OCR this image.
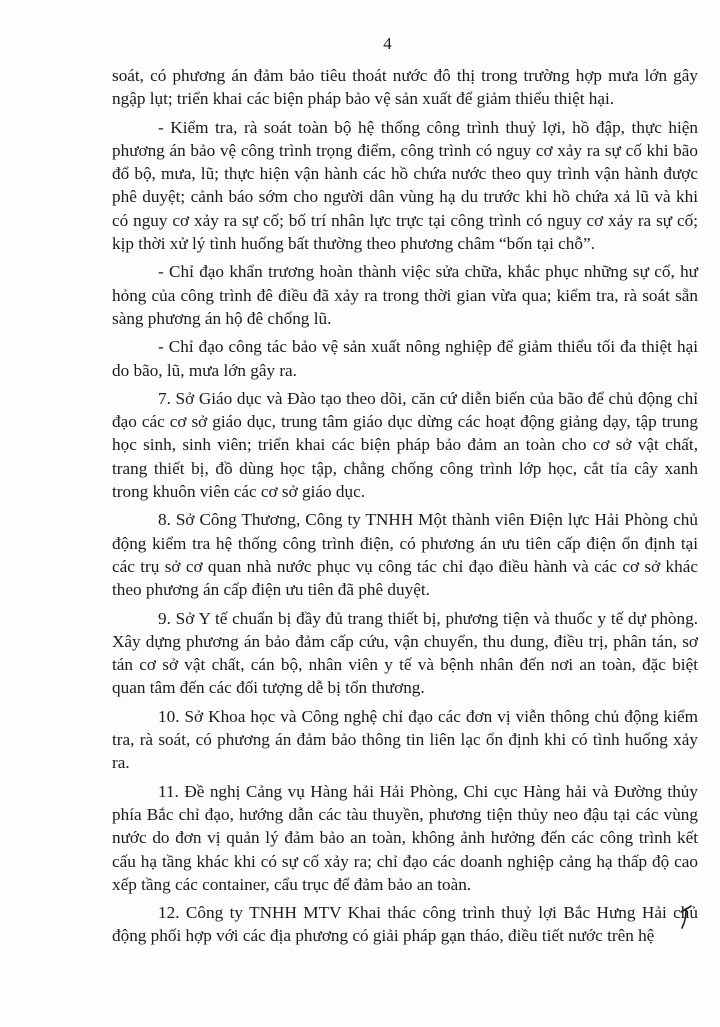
4

soát, có phương án đảm bảo tiêu thoát nước đô thị trong trường hợp mưa lớn gây ngập lụt; triển khai các biện pháp bảo vệ sản xuất để giảm thiểu thiệt hại.

- Kiểm tra, rà soát toàn bộ hệ thống công trình thuỷ lợi, hồ đập, thực hiện phương án bảo vệ công trình trọng điểm, công trình có nguy cơ xảy ra sự cố khi bão đổ bộ, mưa, lũ; thực hiện vận hành các hồ chứa nước theo quy trình vận hành được phê duyệt; cảnh báo sớm cho người dân vùng hạ du trước khi hồ chứa xả lũ và khi có nguy cơ xảy ra sự cố; bố trí nhân lực trực tại công trình có nguy cơ xảy ra sự cố; kịp thời xử lý tình huống bất thường theo phương châm “bốn tại chỗ”.

- Chỉ đạo khẩn trương hoàn thành việc sửa chữa, khắc phục những sự cố, hư hỏng của công trình đê điều đã xảy ra trong thời gian vừa qua; kiểm tra, rà soát sẵn sàng phương án hộ đê chống lũ.

- Chỉ đạo công tác bảo vệ sản xuất nông nghiệp để giảm thiểu tối đa thiệt hại do bão, lũ, mưa lớn gây ra.

7. Sở Giáo dục và Đào tạo theo dõi, căn cứ diễn biến của bão để chủ động chỉ đạo các cơ sở giáo dục, trung tâm giáo dục dừng các hoạt động giảng dạy, tập trung học sinh, sinh viên; triển khai các biện pháp bảo đảm an toàn cho cơ sở vật chất, trang thiết bị, đồ dùng học tập, chằng chống công trình lớp học, cắt tỉa cây xanh trong khuôn viên các cơ sở giáo dục.

8. Sở Công Thương, Công ty TNHH Một thành viên Điện lực Hải Phòng chủ động kiểm tra hệ thống công trình điện, có phương án ưu tiên cấp điện ổn định tại các trụ sở cơ quan nhà nước phục vụ công tác chỉ đạo điều hành và các cơ sở khác theo phương án cấp điện ưu tiên đã phê duyệt.

9. Sở Y tế chuẩn bị đầy đủ trang thiết bị, phương tiện và thuốc y tế dự phòng. Xây dựng phương án bảo đảm cấp cứu, vận chuyển, thu dung, điều trị, phân tán, sơ tán cơ sở vật chất, cán bộ, nhân viên y tế và bệnh nhân đến nơi an toàn, đặc biệt quan tâm đến các đối tượng dễ bị tổn thương.

10. Sở Khoa học và Công nghệ chỉ đạo các đơn vị viễn thông chủ động kiểm tra, rà soát, có phương án đảm bảo thông tin liên lạc ổn định khi có tình huống xảy ra.

11. Đề nghị Cảng vụ Hàng hải Hải Phòng, Chi cục Hàng hải và Đường thủy phía Bắc chỉ đạo, hướng dẫn các tàu thuyền, phương tiện thủy neo đậu tại các vùng nước do đơn vị quản lý đảm bảo an toàn, không ảnh hưởng đến các công trình kết cấu hạ tầng khác khi có sự cố xảy ra; chỉ đạo các doanh nghiệp cảng hạ thấp độ cao xếp tầng các container, cẩu trục để đảm bảo an toàn.

12. Công ty TNHH MTV Khai thác công trình thuỷ lợi Bắc Hưng Hải chủ động phối hợp với các địa phương có giải pháp gạn tháo, điều tiết nước trên hệ
